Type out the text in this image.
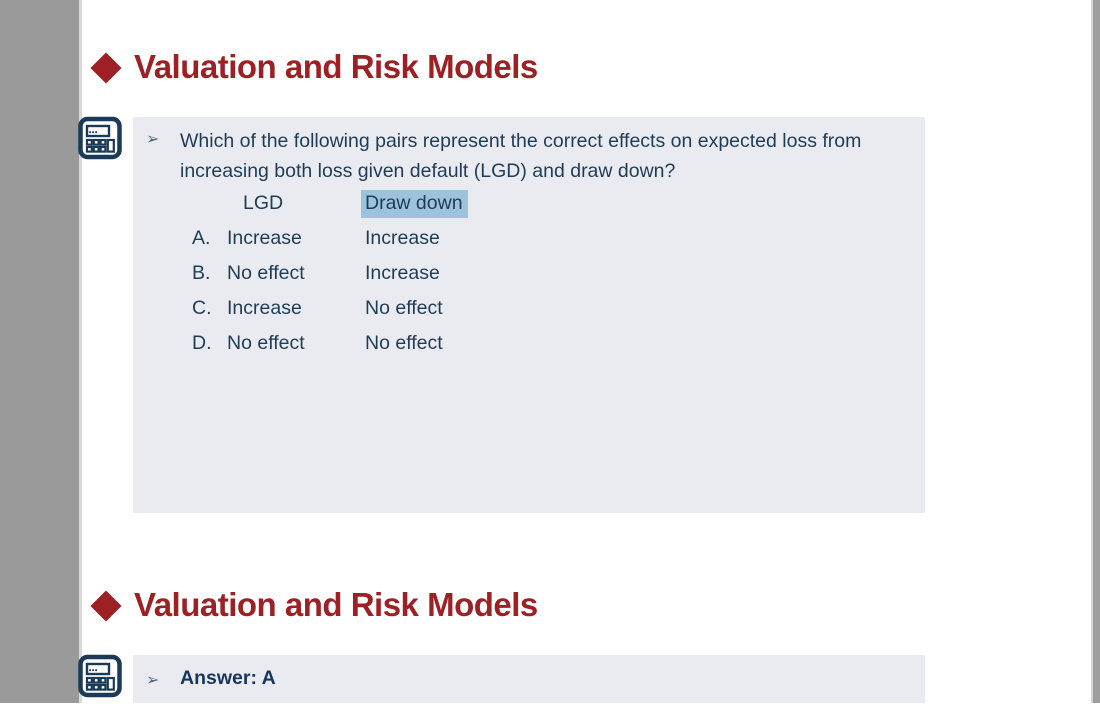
Valuation and Risk Models
➢	Which of the following pairs represent the correct effects on expected loss from
increasing both loss given default (LGD) and draw down?
LGD	Draw down
A. Increase	Increase
B. No effect	Increase
C. Increase	No effect
D. No effect	No effect
Valuation and Risk Models
➢	Answer: A
